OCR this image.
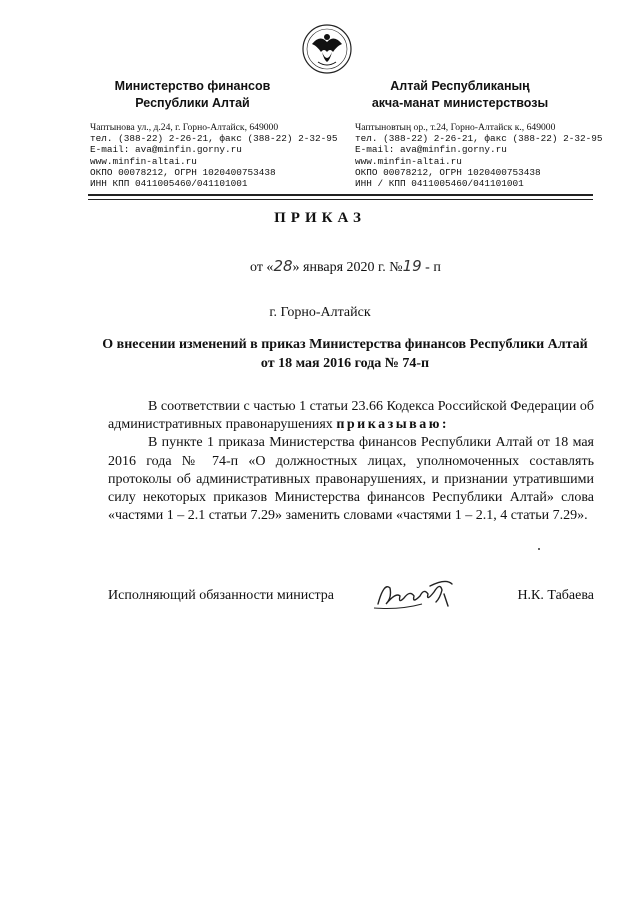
Министерство финансов
Республики Алтай
Чаптынова ул., д.24, г. Горно-Алтайск, 649000
тел. (388-22) 2-26-21, факс (388-22) 2-32-95
E-mail: ava@minfin.gorny.ru
www.minfin-altai.ru
ОКПО 00078212, ОГРН 1020400753438
ИНН КПП 0411005460/041101001
Алтай Республиканың
акча-манат министерствозы
Чаптыновтың ор., т.24, Горно-Алтайск к., 649000
тел. (388-22) 2-26-21, факс (388-22) 2-32-95
E-mail: ava@minfin.gorny.ru
www.minfin-altai.ru
ОКПО 00078212, ОГРН 1020400753438
ИНН / КПП 0411005460/041101001
ПРИКАЗ
от «28» января 2020 г. №19 - п
г. Горно-Алтайск
О внесении изменений в приказ Министерства финансов Республики Алтай от 18 мая 2016 года № 74-п

В соответствии с частью 1 статьи 23.66 Кодекса Российской Федерации об административных правонарушениях приказываю:

В пункте 1 приказа Министерства финансов Республики Алтай от 18 мая 2016 года № 74-п «О должностных лицах, уполномоченных составлять протоколы об административных правонарушениях, и признании утратившими силу некоторых приказов Министерства финансов Республики Алтай» слова «частями 1 – 2.1 статьи 7.29» заменить словами «частями 1 – 2.1, 4 статьи 7.29».

Исполняющий обязанности министра	Н.К. Табаева
